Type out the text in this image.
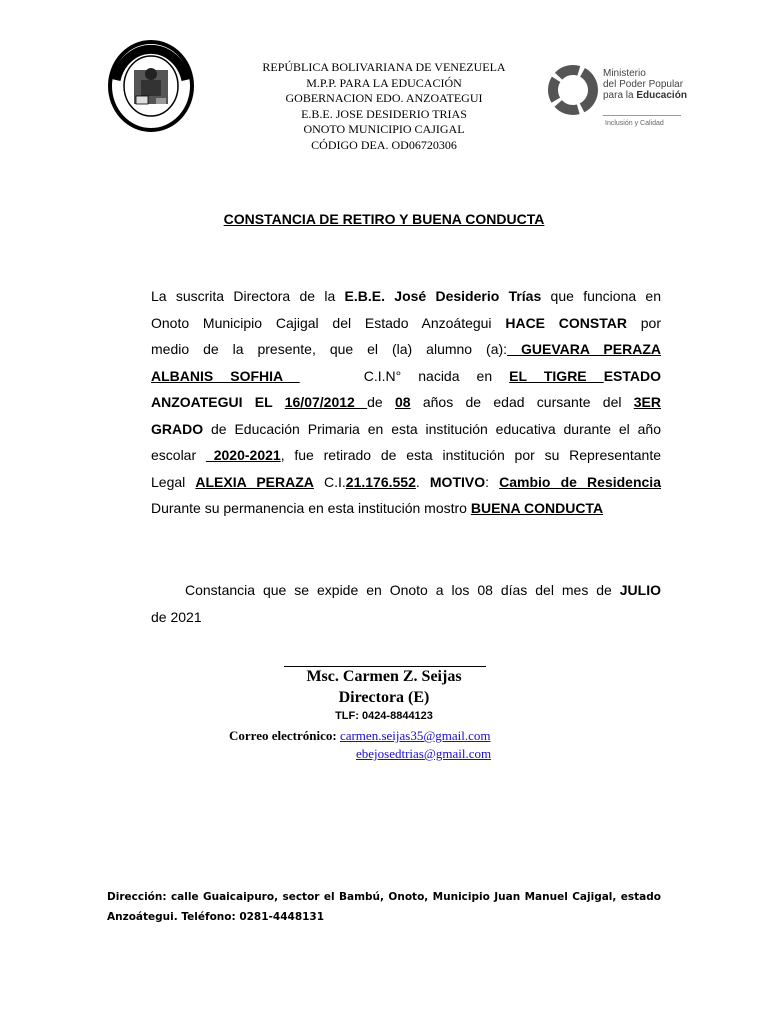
REPÚBLICA BOLIVARIANA DE VENEZUELA
M.P.P. PARA LA EDUCACIÓN
GOBERNACION EDO. ANZOATEGUI
E.B.E. JOSE DESIDERIO TRIAS
ONOTO MUNICIPIO CAJIGAL
CÓDIGO DEA. OD06720306
Ministerio
del Poder Popular
para la Educación
Inclusión y Calidad
CONSTANCIA DE RETIRO Y BUENA CONDUCTA
La suscrita Directora de la E.B.E. José Desiderio Trías que funciona en
Onoto Municipio Cajigal del Estado Anzoátegui HACE CONSTAR por
medio de la presente, que el (la) alumno (a): GUEVARA PERAZA
ALBANIS SOFHIA	C.I.N° nacida en EL TIGRE ESTADO
ANZOATEGUI EL 16/07/2012 de 08 años de edad cursante del 3ER
GRADO de Educación Primaria en esta institución educativa durante el año
escolar _2020-2021, fue retirado de esta institución por su Representante
Legal ALEXIA PERAZA C.I.21.176.552. MOTIVO: Cambio de Residencia
Durante su permanencia en esta institución mostro BUENA CONDUCTA
Constancia que se expide en Onoto a los 08 días del mes de JULIO
de 2021
Msc. Carmen Z. Seijas
Directora (E)
TLF: 0424-8844123
Correo electrónico: carmen.seijas35@gmail.com
ebejosedtrias@gmail.com
Dirección: calle Guaicaipuro, sector el Bambú, Onoto, Municipio Juan Manuel Cajigal, estado
Anzoátegui. Teléfono: 0281-4448131
